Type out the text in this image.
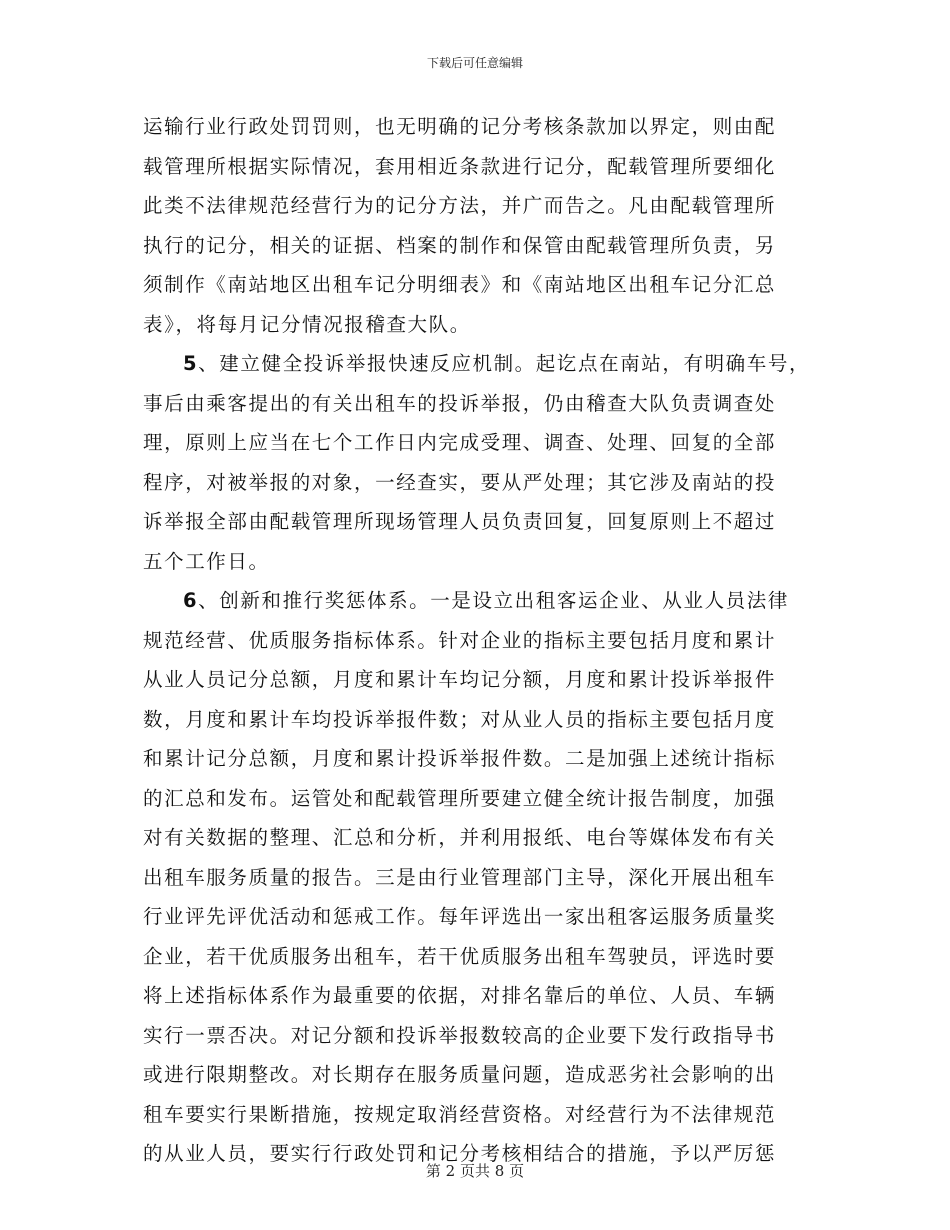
下载后可任意编辑
运输行业行政处罚罚则，也无明确的记分考核条款加以界定，则由配
载管理所根据实际情况，套用相近条款进行记分，配载管理所要细化
此类不法律规范经营行为的记分方法，并广而告之。凡由配载管理所
执行的记分，相关的证据、档案的制作和保管由配载管理所负责，另
须制作《南站地区出租车记分明细表》和《南站地区出租车记分汇总
表》，将每月记分情况报稽查大队。
5、建立健全投诉举报快速反应机制。起讫点在南站，有明确车号，
事后由乘客提出的有关出租车的投诉举报，仍由稽查大队负责调查处
理，原则上应当在七个工作日内完成受理、调查、处理、回复的全部
程序，对被举报的对象，一经查实，要从严处理；其它涉及南站的投
诉举报全部由配载管理所现场管理人员负责回复，回复原则上不超过
五个工作日。
6、创新和推行奖惩体系。一是设立出租客运企业、从业人员法律
规范经营、优质服务指标体系。针对企业的指标主要包括月度和累计
从业人员记分总额，月度和累计车均记分额，月度和累计投诉举报件
数，月度和累计车均投诉举报件数；对从业人员的指标主要包括月度
和累计记分总额，月度和累计投诉举报件数。二是加强上述统计指标
的汇总和发布。运管处和配载管理所要建立健全统计报告制度，加强
对有关数据的整理、汇总和分析，并利用报纸、电台等媒体发布有关
出租车服务质量的报告。三是由行业管理部门主导，深化开展出租车
行业评先评优活动和惩戒工作。每年评选出一家出租客运服务质量奖
企业，若干优质服务出租车，若干优质服务出租车驾驶员，评选时要
将上述指标体系作为最重要的依据，对排名靠后的单位、人员、车辆
实行一票否决。对记分额和投诉举报数较高的企业要下发行政指导书
或进行限期整改。对长期存在服务质量问题，造成恶劣社会影响的出
租车要实行果断措施，按规定取消经营资格。对经营行为不法律规范
的从业人员，要实行行政处罚和记分考核相结合的措施，予以严厉惩
第 2 页共 8 页
